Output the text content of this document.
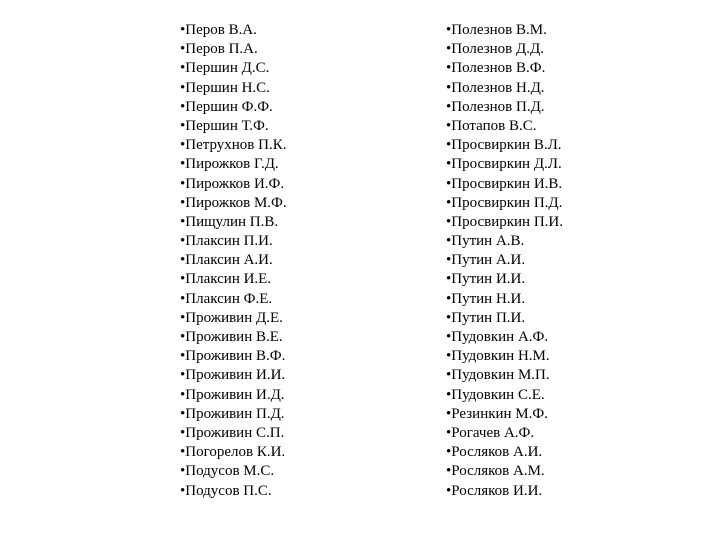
•Перов В.А.
•Перов П.А.
•Першин Д.С.
•Першин Н.С.
•Першин Ф.Ф.
•Першин Т.Ф.
•Петрухнов П.К.
•Пирожков Г.Д.
•Пирожков И.Ф.
•Пирожков М.Ф.
•Пищулин П.В.
•Плаксин П.И.
•Плаксин А.И.
•Плаксин И.Е.
•Плаксин Ф.Е.
•Проживин Д.Е.
•Проживин В.Е.
•Проживин В.Ф.
•Проживин И.И.
•Проживин И.Д.
•Проживин П.Д.
•Проживин С.П.
•Погорелов К.И.
•Подусов М.С.
•Подусов П.С.
•Полезнов В.М.
•Полезнов Д.Д.
•Полезнов В.Ф.
•Полезнов Н.Д.
•Полезнов П.Д.
•Потапов В.С.
•Просвиркин В.Л.
•Просвиркин Д.Л.
•Просвиркин И.В.
•Просвиркин П.Д.
•Просвиркин П.И.
•Путин А.В.
•Путин А.И.
•Путин И.И.
•Путин Н.И.
•Путин П.И.
•Пудовкин А.Ф.
•Пудовкин Н.М.
•Пудовкин М.П.
•Пудовкин С.Е.
•Резинкин М.Ф.
•Рогачев А.Ф.
•Росляков А.И.
•Росляков А.М.
•Росляков И.И.
